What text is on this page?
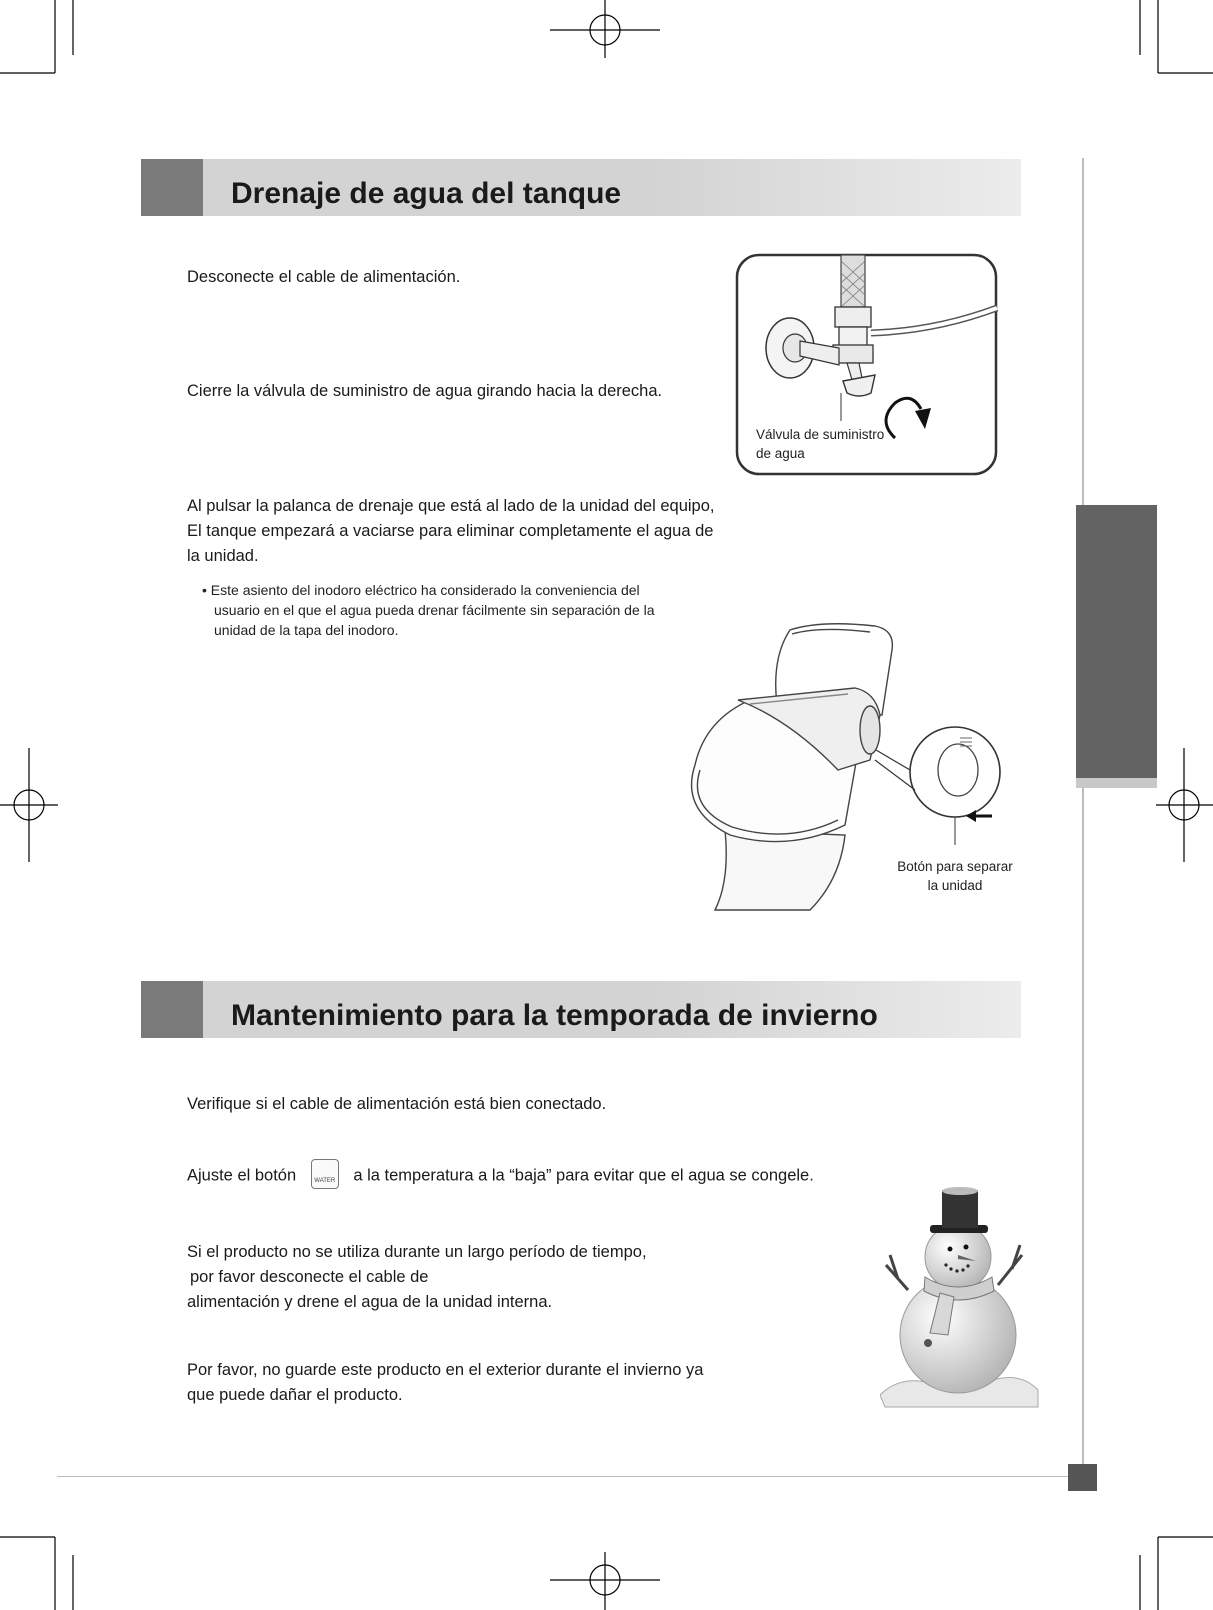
Drenaje de agua del tanque
Desconecte el cable de alimentación.
Cierre la válvula de suministro de agua girando hacia la derecha.
Al pulsar la palanca de drenaje que está al lado de la unidad del equipo,
El tanque empezará a vaciarse para eliminar completamente el agua de
la unidad.
• Este asiento del inodoro eléctrico ha considerado la conveniencia del usuario en el que el agua pueda drenar fácilmente sin separación de la unidad de la tapa del inodoro.
Válvula de suministro
de agua
Botón para separar
la unidad
Mantenimiento para la temporada de invierno
Verifique si el cable de alimentación está bien conectado.
Ajuste el botón	WATER a la temperatura a la “baja” para evitar que el agua se congele.
Si el producto no se utiliza durante un largo período de tiempo,
por favor desconecte el cable de
alimentación y drene el agua de la unidad interna.
Por favor, no guarde este producto en el exterior durante el invierno ya
que puede dañar el producto.
